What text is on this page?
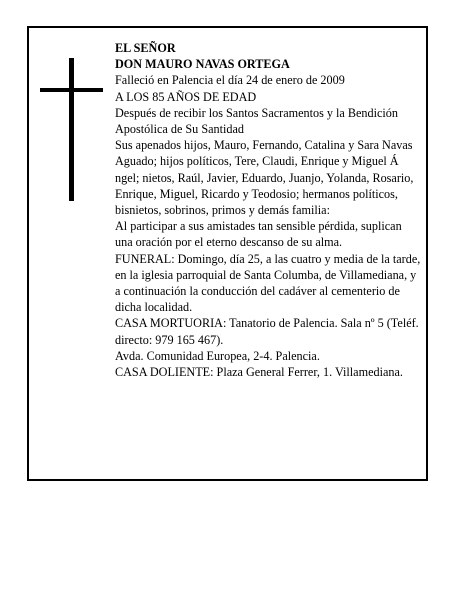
EL SEÑOR

DON MAURO NAVAS ORTEGA

Falleció en Palencia el día 24 de enero de 2009

A LOS 85 AÑOS DE EDAD

Después de recibir los Santos Sacramentos y la Bendición Apostólica de Su Santidad

Sus apenados hijos, Mauro, Fernando, Catalina y Sara Navas Aguado; hijos políticos, Tere, Claudi, Enrique y Miguel Á ngel; nietos, Raúl, Javier, Eduardo, Juanjo, Yolanda, Rosario, Enrique, Miguel, Ricardo y Teodosio; hermanos políticos, bisnietos, sobrinos, primos y demás familia:

Al participar a sus amistades tan sensible pérdida, suplican una oración por el eterno descanso de su alma.

FUNERAL: Domingo, día 25, a las cuatro y media de la tarde, en la iglesia parroquial de Santa Columba, de Villamediana, y a continuación la conducción del cadáver al cementerio de dicha localidad.

CASA MORTUORIA: Tanatorio de Palencia. Sala nº 5 (Teléf. directo: 979 165 467).

Avda. Comunidad Europea, 2-4. Palencia.

CASA DOLIENTE: Plaza General Ferrer, 1. Villamediana.
